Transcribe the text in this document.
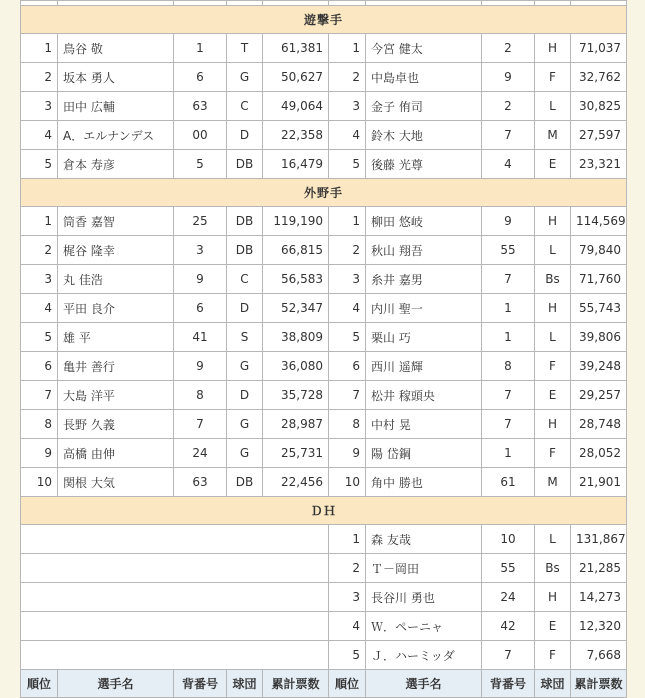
遊撃手									
1	鳥谷 敬	1	T	61,381	1	今宮 健太	2	H	71,037
2	坂本 勇人	6	G	50,627	2	中島卓也	9	F	32,762
3	田中 広輔	63	C	49,064	3	金子 侑司	2	L	30,825
4	A．エルナンデス	00	D	22,358	4	鈴木 大地	7	M	27,597
5	倉本 寿彦	5	DB	16,479	5	後藤 光尊	4	E	23,321
外野手									
1	筒香 嘉智	25	DB	119,190	1	柳田 悠岐	9	H	114,569
2	梶谷 隆幸	3	DB	66,815	2	秋山 翔吾	55	L	79,840
3	丸 佳浩	9	C	56,583	3	糸井 嘉男	7	Bs	71,760
4	平田 良介	6	D	52,347	4	内川 聖一	1	H	55,743
5	雄 平	41	S	38,809	5	栗山 巧	1	L	39,806
6	亀井 善行	9	G	36,080	6	西川 遥輝	8	F	39,248
7	大島 洋平	8	D	35,728	7	松井 稼頭央	7	E	29,257
8	長野 久義	7	G	28,987	8	中村 晃	7	H	28,748
9	高橋 由伸	24	G	25,731	9	陽 岱鋼	1	F	28,052
10	関根 大気	63	DB	22,456	10	角中 勝也	61	M	21,901
ＤＨ									
					1	森 友哉	10	L	131,867
					2	Ｔ－岡田	55	Bs	21,285
					3	長谷川 勇也	24	H	14,273
					4	Ｗ．ペーニャ	42	E	12,320
					5	Ｊ．ハーミッダ	7	F	7,668
順位	選手名	背番号	球団	累計票数	順位	選手名	背番号	球団	累計票数
